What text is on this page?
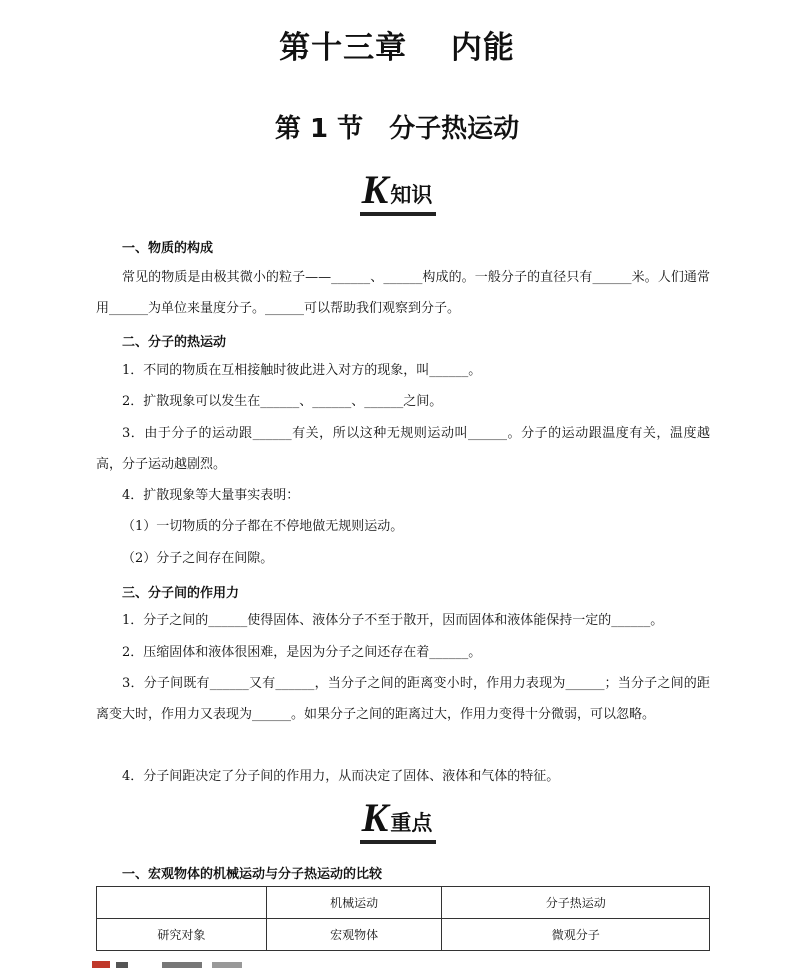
第十三章　 内能
第 1 节　分子热运动
K知识
一、物质的构成
常见的物质是由极其微小的粒子——______、______构成的。一般分子的直径只有______米。人们通常用______为单位来量度分子。______可以帮助我们观察到分子。
二、分子的热运动
1．不同的物质在互相接触时彼此进入对方的现象，叫______。
2．扩散现象可以发生在______、______、______之间。
3．由于分子的运动跟______有关，所以这种无规则运动叫______。分子的运动跟温度有关，温度越高，分子运动越剧烈。
4．扩散现象等大量事实表明：
（1）一切物质的分子都在不停地做无规则运动。
（2）分子之间存在间隙。
三、分子间的作用力
1．分子之间的______使得固体、液体分子不至于散开，因而固体和液体能保持一定的______。
2．压缩固体和液体很困难，是因为分子之间还存在着______。
3．分子间既有______又有______，当分子之间的距离变小时，作用力表现为______；当分子之间的距离变大时，作用力又表现为______。如果分子之间的距离过大，作用力变得十分微弱，可以忽略。
4．分子间距决定了分子间的作用力，从而决定了固体、液体和气体的特征。
K重点
一、宏观物体的机械运动与分子热运动的比较
	机械运动	分子热运动
研究对象	宏观物体	微观分子
